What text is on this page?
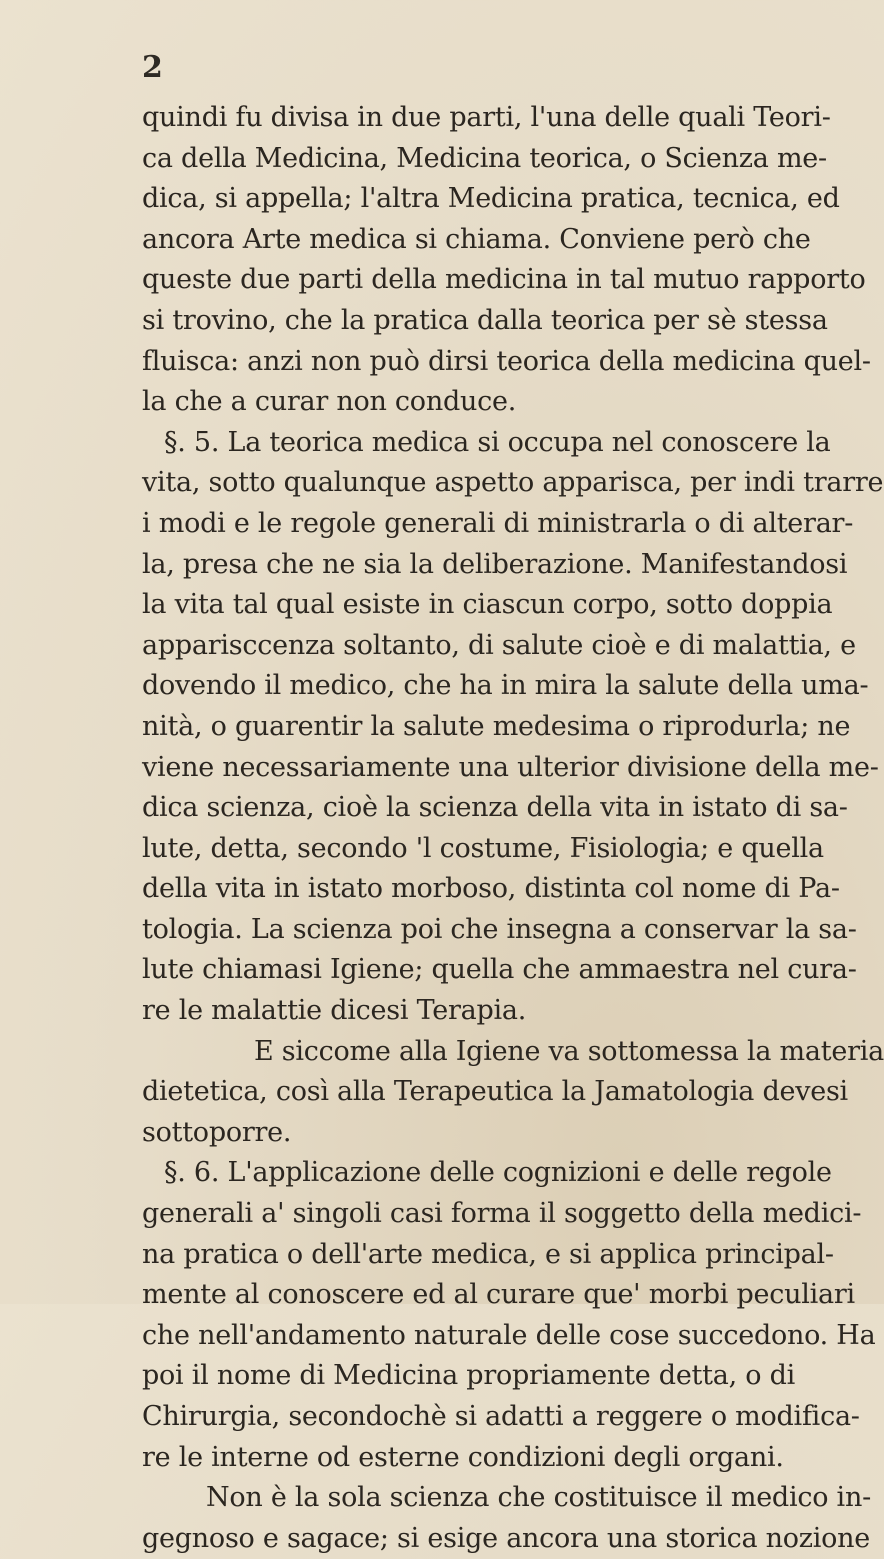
2
quindi fu divisa in due parti, l'una delle quali Teori-
ca della Medicina, Medicina teorica, o Scienza me-
dica, si appella; l'altra Medicina pratica, tecnica, ed
ancora Arte medica si chiama. Conviene però che
queste due parti della medicina in tal mutuo rapporto
si trovino, che la pratica dalla teorica per sè stessa
fluisca: anzi non può dirsi teorica della medicina quel-
la che a curar non conduce.
§. 5. La teorica medica si occupa nel conoscere la
vita, sotto qualunque aspetto apparisca, per indi trarre
i modi e le regole generali di ministrarla o di alterar-
la, presa che ne sia la deliberazione. Manifestandosi
la vita tal qual esiste in ciascun corpo, sotto doppia
apparisccenza soltanto, di salute cioè e di malattia, e
dovendo il medico, che ha in mira la salute della uma-
nità, o guarentir la salute medesima o riprodurla; ne
viene necessariamente una ulterior divisione della me-
dica scienza, cioè la scienza della vita in istato di sa-
lute, detta, secondo 'l costume, Fisiologia; e quella
della vita in istato morboso, distinta col nome di Pa-
tologia. La scienza poi che insegna a conservar la sa-
lute chiamasi Igiene; quella che ammaestra nel cura-
re le malattie dicesi Terapia.
E siccome alla Igiene va sottomessa la materia
dietetica, così alla Terapeutica la Jamatologia devesi
sottoporre.
§. 6. L'applicazione delle cognizioni e delle regole
generali a' singoli casi forma il soggetto della medici-
na pratica o dell'arte medica, e si applica principal-
mente al conoscere ed al curare que' morbi peculiari
che nell'andamento naturale delle cose succedono. Ha
poi il nome di Medicina propriamente detta, o di
Chirurgia, secondochè si adatti a reggere o modifica-
re le interne od esterne condizioni degli organi.
Non è la sola scienza che costituisce il medico in-
gegnoso e sagace; si esige ancora una storica nozione
